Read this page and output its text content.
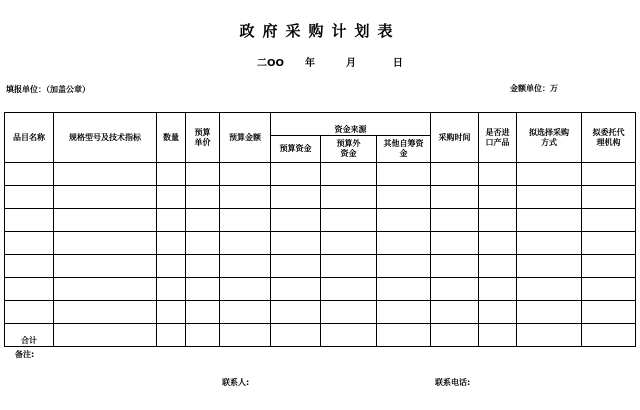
政府采购计划表
二OO 年	月	日
填报单位：（加盖公章）	金额单位：万
品目名称	规格型号及技术指标	数量	预算单价	预算金额	资金来源			采购时间	是否进口产品	拟选择采购方式	拟委托代理机构
					预算资金	预算外资金	其他自筹资金				

合计											
备注:
联系人:	联系电话:
